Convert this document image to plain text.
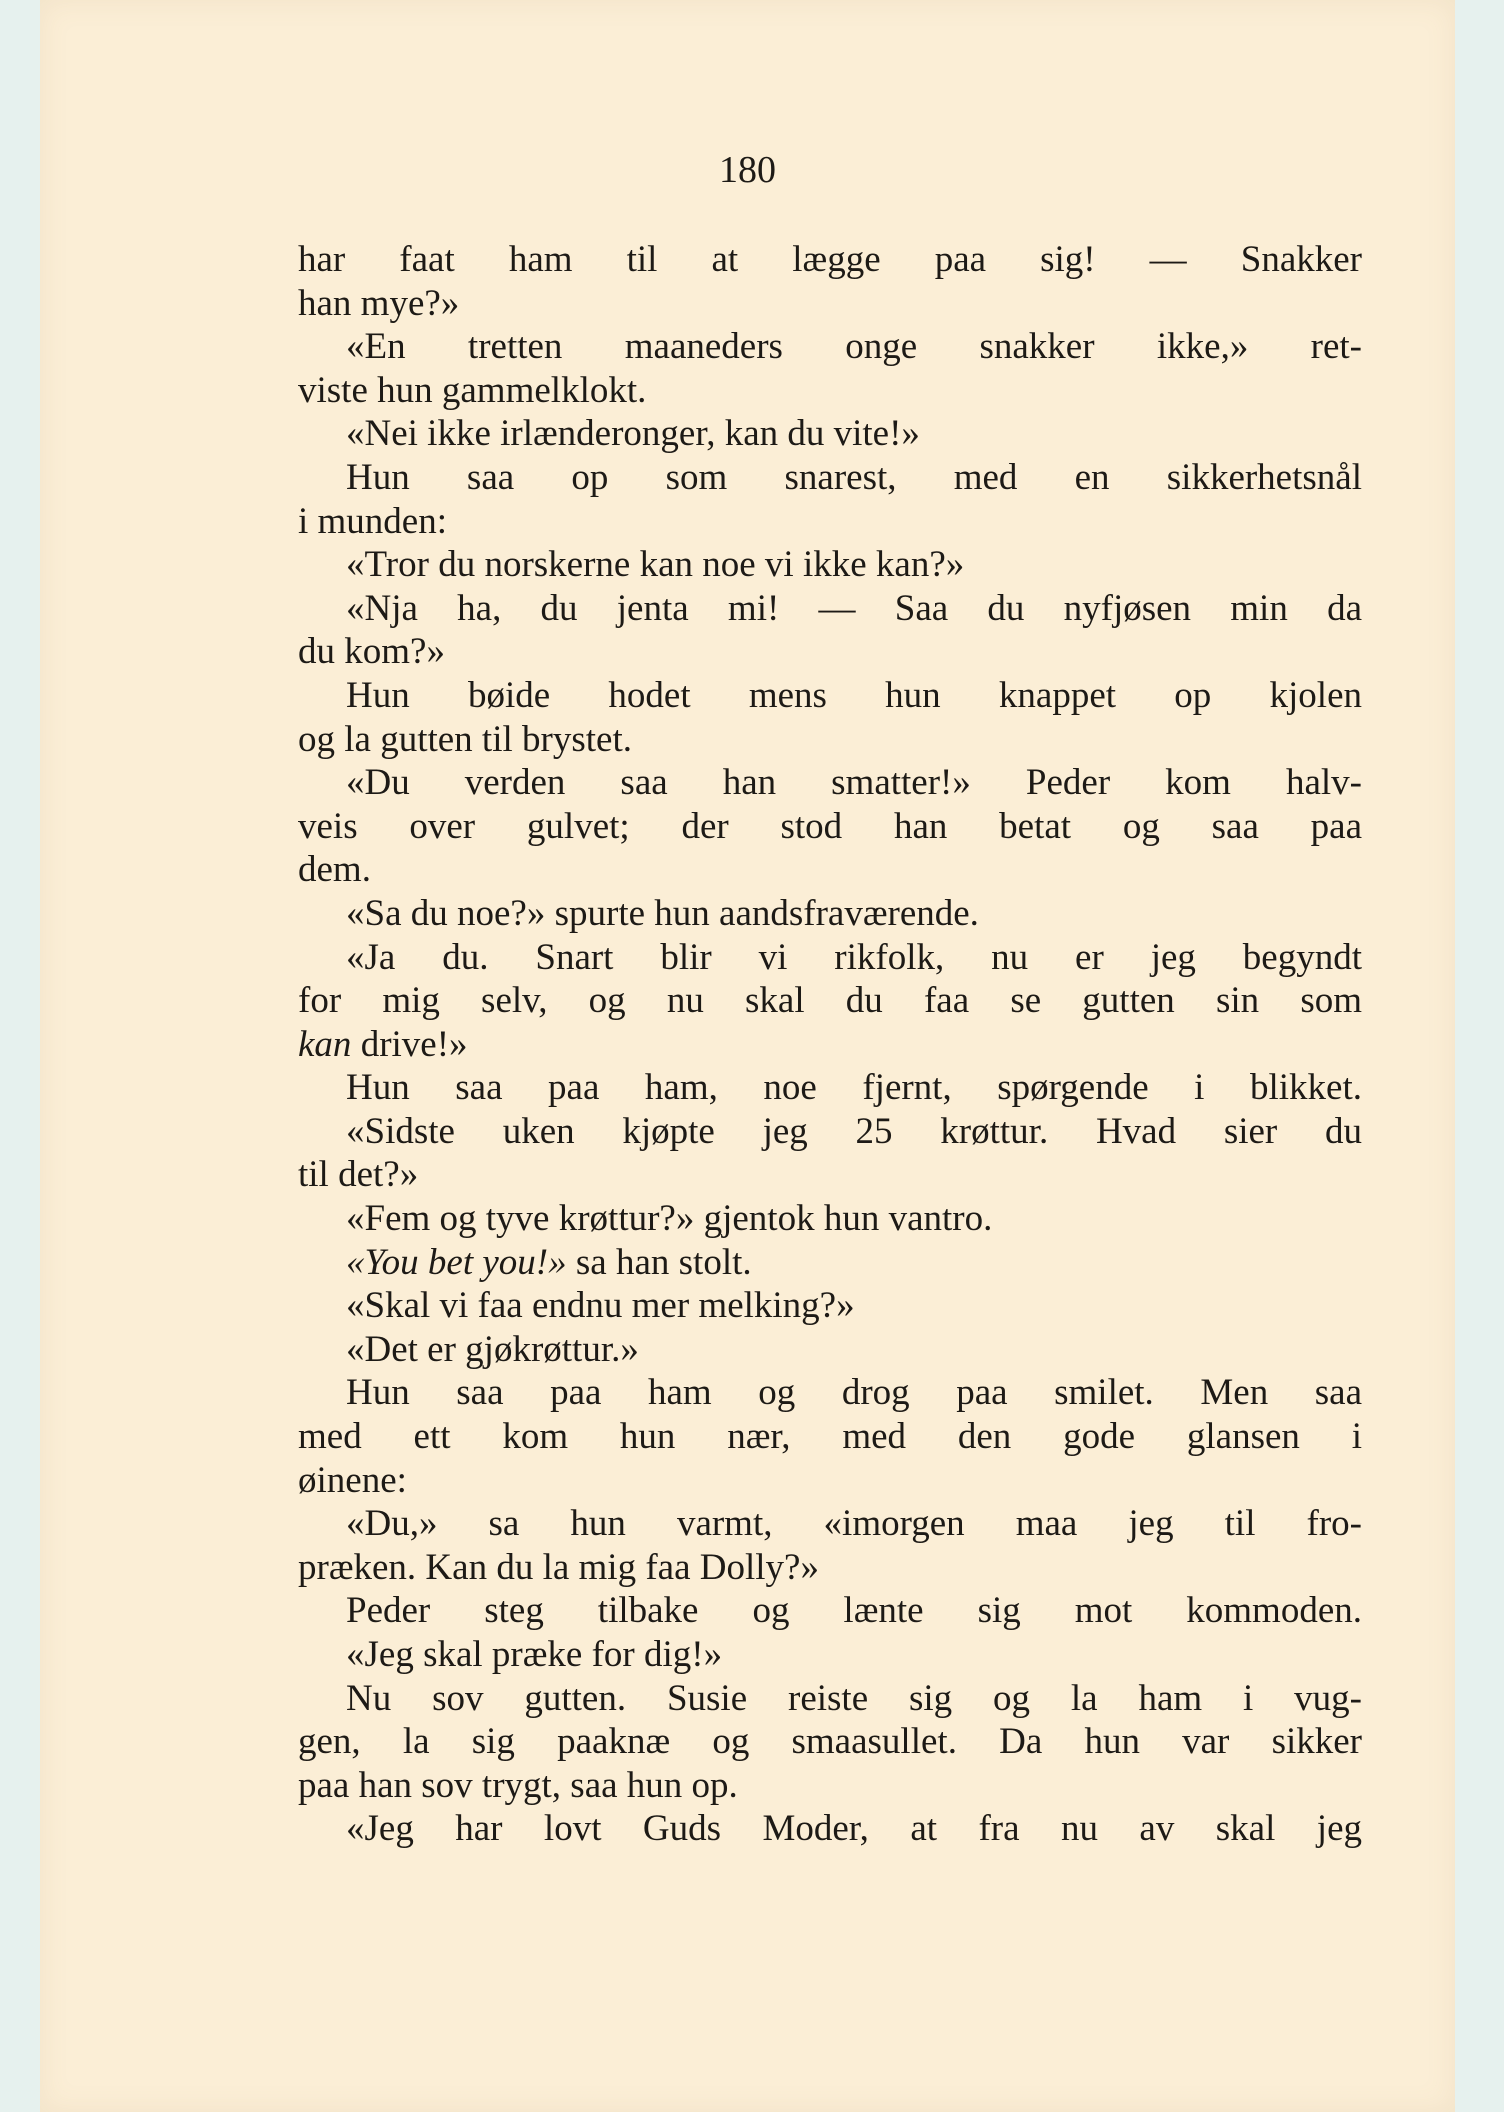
180
har faat ham til at lægge paa sig! — Snakker
han mye?»
«En tretten maaneders onge snakker ikke,» ret-
viste hun gammelklokt.
«Nei ikke irlænderonger, kan du vite!»
Hun saa op som snarest, med en sikkerhetsnål
i munden:
«Tror du norskerne kan noe vi ikke kan?»
«Nja ha, du jenta mi! — Saa du nyfjøsen min da
du kom?»
Hun bøide hodet mens hun knappet op kjolen
og la gutten til brystet.
«Du verden saa han smatter!» Peder kom halv-
veis over gulvet; der stod han betat og saa paa
dem.
«Sa du noe?» spurte hun aandsfraværende.
«Ja du. Snart blir vi rikfolk, nu er jeg begyndt
for mig selv, og nu skal du faa se gutten sin som
kan drive!»
Hun saa paa ham, noe fjernt, spørgende i blikket.
«Sidste uken kjøpte jeg 25 krøttur. Hvad sier du
til det?»
«Fem og tyve krøttur?» gjentok hun vantro.
«You bet you!» sa han stolt.
«Skal vi faa endnu mer melking?»
«Det er gjøkrøttur.»
Hun saa paa ham og drog paa smilet. Men saa
med ett kom hun nær, med den gode glansen i
øinene:
«Du,» sa hun varmt, «imorgen maa jeg til fro-
præken. Kan du la mig faa Dolly?»
Peder steg tilbake og lænte sig mot kommoden.
«Jeg skal præke for dig!»
Nu sov gutten. Susie reiste sig og la ham i vug-
gen, la sig paaknæ og smaasullet. Da hun var sikker
paa han sov trygt, saa hun op.
«Jeg har lovt Guds Moder, at fra nu av skal jeg
